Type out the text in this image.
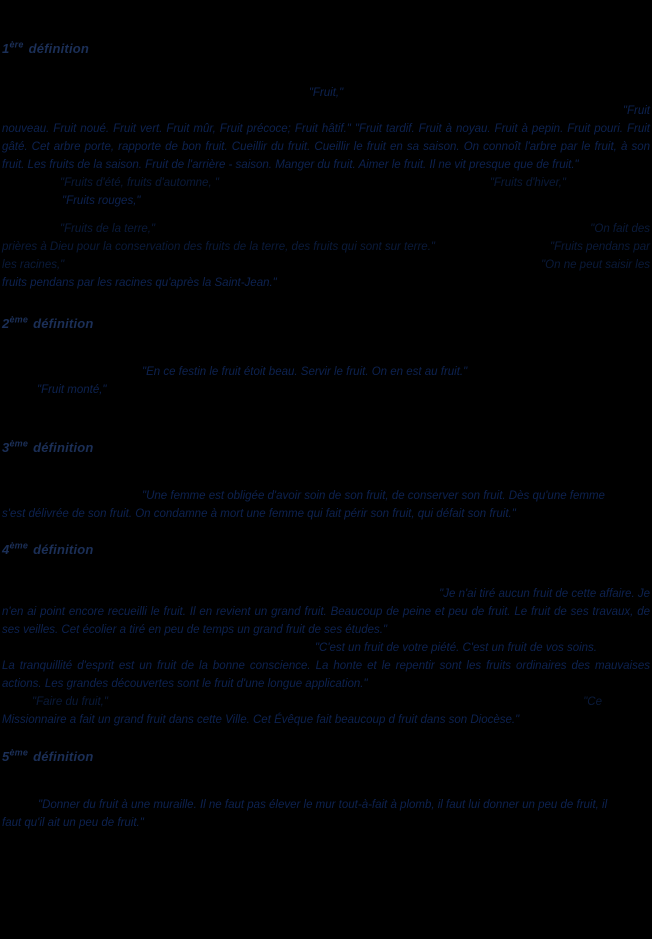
1ère définition
"Fruit,"
"Fruit
nouveau. Fruit noué. Fruit vert. Fruit mûr, Fruit précoce; Fruit hâtif." "Fruit tardif. Fruit à noyau. Fruit à pepin. Fruit pouri. Fruit gâté. Cet arbre porte, rapporte de bon fruit. Cueillir du fruit. Cueillir le fruit en sa saison. On connoît l'arbre par le fruit, à son fruit. Les fruits de la saison. Fruit de l'arrière - saison. Manger du fruit. Aimer le fruit. Il ne vit presque que de fruit."
"Fruits d'été, fruits d'automne, "	"Fruits d'hiver,"
"Fruits rouges,"
"Fruits de la terre,"	"On fait des
prières à Dieu pour la conservation des fruits de la terre, des fruits qui sont sur terre."	"Fruits pendans par
les racines,"	"On ne peut saisir les
fruits pendans par les racines qu'après la Saint-Jean."
2ème définition
"En ce festin le fruit étoit beau. Servir le fruit. On en est au fruit."
"Fruit monté,"
3ème définition
"Une femme est obligée d'avoir soin de son fruit, de conserver son fruit. Dès qu'une femme
s'est délivrée de son fruit. On condamne à mort une femme qui fait périr son fruit, qui défait son fruit."
4ème définition
"Je n'ai tiré aucun fruit de cette affaire. Je
n'en ai point encore recueilli le fruit. Il en revient un grand fruit. Beaucoup de peine et peu de fruit. Le fruit de ses travaux, de ses veilles. Cet écolier a tiré en peu de temps un grand fruit de ses études."
"C'est un fruit de votre piété. C'est un fruit de vos soins.
La tranquillité d'esprit est un fruit de la bonne conscience. La honte et le repentir sont les fruits ordinaires des mauvaises actions. Les grandes découvertes sont le fruit d'une longue application."
"Faire du fruit,"	"Ce
Missionnaire a fait un grand fruit dans cette Ville. Cet Évêque fait beaucoup d fruit dans son Diocèse."
5ème définition
"Donner du fruit à une muraille. Il ne faut pas élever le mur tout-à-fait à plomb, il faut lui donner un peu de fruit, il
faut qu'il ait un peu de fruit."
